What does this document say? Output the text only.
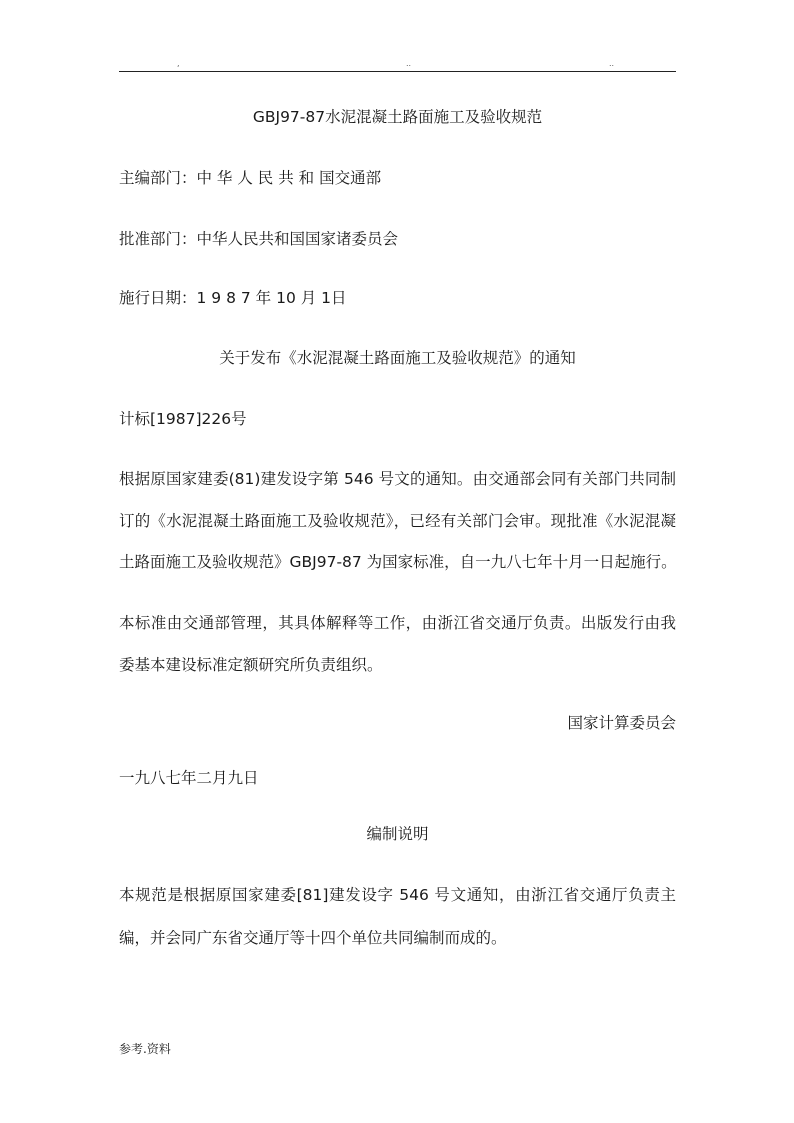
,	..	..
GBJ97-87水泥混凝土路面施工及验收规范
主编部门：中 华 人 民 共 和 国交通部
批准部门：中华人民共和国国家诸委员会
施行日期：1 9 8 7 年 10 月 1日
关于发布《水泥混凝土路面施工及验收规范》的通知
计标[1987]226号
根据原国家建委(81)建发设字第 546 号文的通知。由交通部会同有关部门共同制
订的《水泥混凝土路面施工及验收规范》，已经有关部门会审。现批准《水泥混凝
土路面施工及验收规范》GBJ97-87 为国家标准，自一九八七年十月一日起施行。
本标准由交通部管理，其具体解释等工作，由浙江省交通厅负责。出版发行由我
委基本建设标准定额研究所负责组织。
国家计算委员会
一九八七年二月九日
编制说明
本规范是根据原国家建委[81]建发设字 546 号文通知，由浙江省交通厅负责主
编，并会同广东省交通厅等十四个单位共同编制而成的。
参考.资料
